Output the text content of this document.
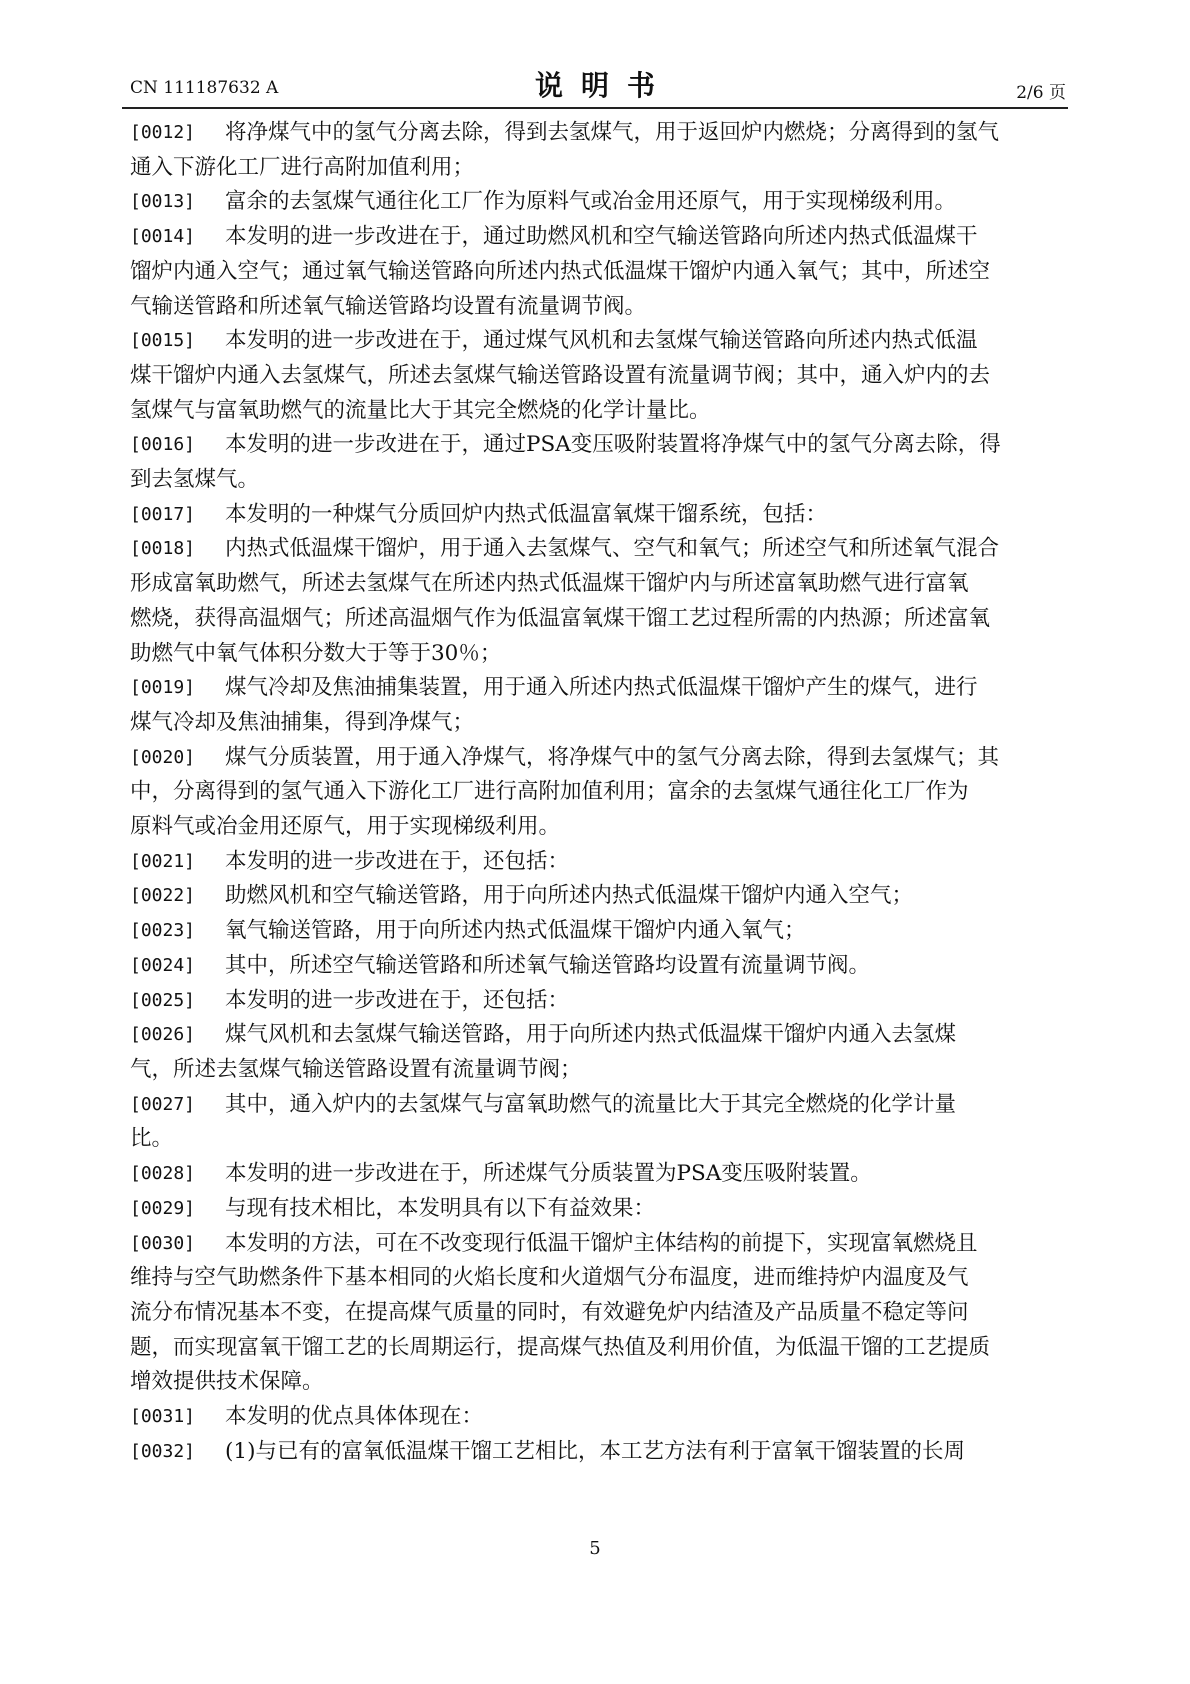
CN 111187632 A	说明书	2/6 页
[0012] 将净煤气中的氢气分离去除，得到去氢煤气，用于返回炉内燃烧；分离得到的氢气
通入下游化工厂进行高附加值利用；
[0013] 富余的去氢煤气通往化工厂作为原料气或冶金用还原气，用于实现梯级利用。
[0014] 本发明的进一步改进在于，通过助燃风机和空气输送管路向所述内热式低温煤干
馏炉内通入空气；通过氧气输送管路向所述内热式低温煤干馏炉内通入氧气；其中，所述空
气输送管路和所述氧气输送管路均设置有流量调节阀。
[0015] 本发明的进一步改进在于，通过煤气风机和去氢煤气输送管路向所述内热式低温
煤干馏炉内通入去氢煤气，所述去氢煤气输送管路设置有流量调节阀；其中，通入炉内的去
氢煤气与富氧助燃气的流量比大于其完全燃烧的化学计量比。
[0016] 本发明的进一步改进在于，通过PSA变压吸附装置将净煤气中的氢气分离去除，得
到去氢煤气。
[0017] 本发明的一种煤气分质回炉内热式低温富氧煤干馏系统，包括：
[0018] 内热式低温煤干馏炉，用于通入去氢煤气、空气和氧气；所述空气和所述氧气混合
形成富氧助燃气，所述去氢煤气在所述内热式低温煤干馏炉内与所述富氧助燃气进行富氧
燃烧，获得高温烟气；所述高温烟气作为低温富氧煤干馏工艺过程所需的内热源；所述富氧
助燃气中氧气体积分数大于等于30％；
[0019] 煤气冷却及焦油捕集装置，用于通入所述内热式低温煤干馏炉产生的煤气，进行
煤气冷却及焦油捕集，得到净煤气；
[0020] 煤气分质装置，用于通入净煤气，将净煤气中的氢气分离去除，得到去氢煤气；其
中，分离得到的氢气通入下游化工厂进行高附加值利用；富余的去氢煤气通往化工厂作为
原料气或冶金用还原气，用于实现梯级利用。
[0021] 本发明的进一步改进在于，还包括：
[0022] 助燃风机和空气输送管路，用于向所述内热式低温煤干馏炉内通入空气；
[0023] 氧气输送管路，用于向所述内热式低温煤干馏炉内通入氧气；
[0024] 其中，所述空气输送管路和所述氧气输送管路均设置有流量调节阀。
[0025] 本发明的进一步改进在于，还包括：
[0026] 煤气风机和去氢煤气输送管路，用于向所述内热式低温煤干馏炉内通入去氢煤
气，所述去氢煤气输送管路设置有流量调节阀；
[0027] 其中，通入炉内的去氢煤气与富氧助燃气的流量比大于其完全燃烧的化学计量
比。
[0028] 本发明的进一步改进在于，所述煤气分质装置为PSA变压吸附装置。
[0029] 与现有技术相比，本发明具有以下有益效果：
[0030] 本发明的方法，可在不改变现行低温干馏炉主体结构的前提下，实现富氧燃烧且
维持与空气助燃条件下基本相同的火焰长度和火道烟气分布温度，进而维持炉内温度及气
流分布情况基本不变，在提高煤气质量的同时，有效避免炉内结渣及产品质量不稳定等问
题，而实现富氧干馏工艺的长周期运行，提高煤气热值及利用价值，为低温干馏的工艺提质
增效提供技术保障。
[0031] 本发明的优点具体体现在：
[0032] (1)与已有的富氧低温煤干馏工艺相比，本工艺方法有利于富氧干馏装置的长周
5
